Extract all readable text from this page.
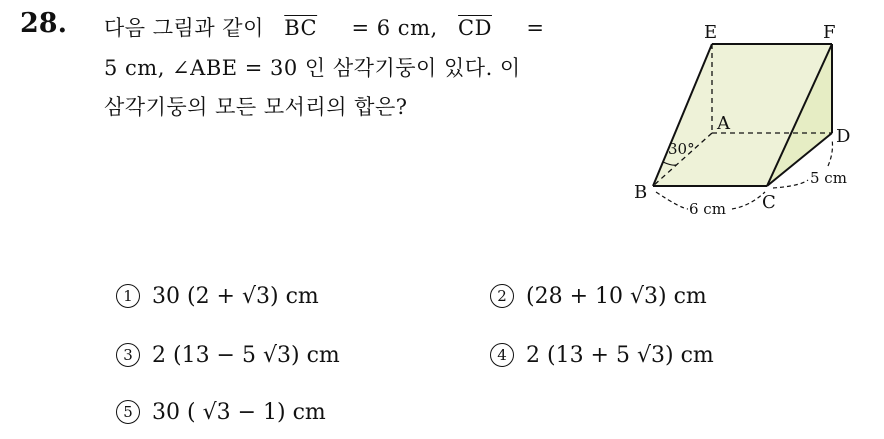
28. 다음 그림과 같이 $\overline{BC} = 6$ cm, $\overline{CD}$ =
5 cm, ∠ABE = 30 인 삼각기둥이 있다. 이
삼각기둥의 모든 모서리의 합은?
E	F
A
D
B	C
30°
6 cm
5 cm
1 30 (2 + √3) cm	2 (28 + 10 √3) cm
3 2 (13 − 5 √3) cm	4 2 (13 + 5 √3) cm
5 30 ( √3 − 1) cm
